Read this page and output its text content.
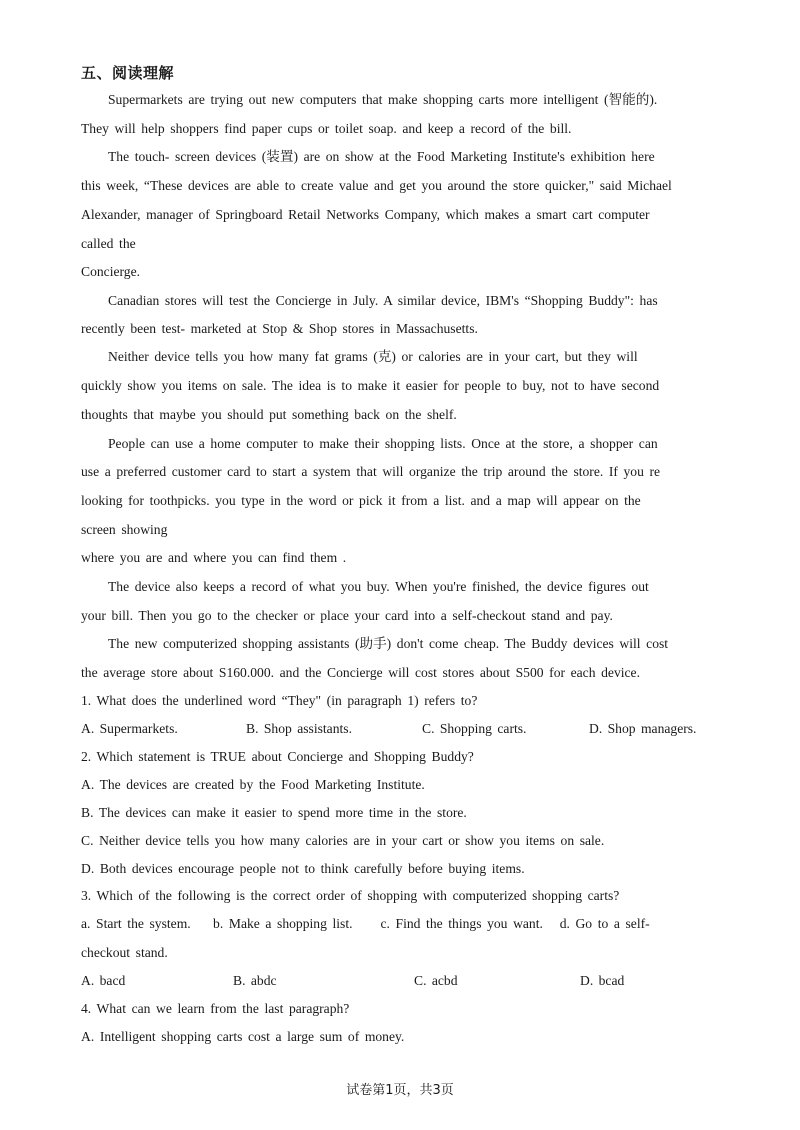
五、阅读理解
Supermarkets are trying out new computers that make shopping carts more intelligent (智能的).
They will help shoppers find paper cups or toilet soap. and keep a record of the bill.
The touch- screen devices (装置) are on show at the Food Marketing Institute's exhibition here
this week, “These devices are able to create value and get you around the store quicker," said Michael
Alexander, manager of Springboard Retail Networks Company, which makes a smart cart computer
called the
Concierge.
Canadian stores will test the Concierge in July. A similar device, IBM's “Shopping Buddy": has
recently been test- marketed at Stop & Shop stores in Massachusetts.
Neither device tells you how many fat grams (克) or calories are in your cart, but they will
quickly show you items on sale. The idea is to make it easier for people to buy, not to have second
thoughts that maybe you should put something back on the shelf.
People can use a home computer to make their shopping lists. Once at the store, a shopper can
use a preferred customer card to start a system that will organize the trip around the store. If you re
looking for toothpicks. you type in the word or pick it from a list. and a map will appear on the
screen showing
where you are and where you can find them .
The device also keeps a record of what you buy. When you're finished, the device figures out
your bill. Then you go to the checker or place your card into a self-checkout stand and pay.
The new computerized shopping assistants (助手) don't come cheap. The Buddy devices will cost
the average store about S160.000. and the Concierge will cost stores about S500 for each device.
1. What does the underlined word “They" (in paragraph 1) refers to?
A. Supermarkets.	B. Shop assistants.	C. Shopping carts.	D. Shop managers.
2. Which statement is TRUE about Concierge and Shopping Buddy?
A. The devices are created by the Food Marketing Institute.
B. The devices can make it easier to spend more time in the store.
C. Neither device tells you how many calories are in your cart or show you items on sale.
D. Both devices encourage people not to think carefully before buying items.
3. Which of the following is the correct order of shopping with computerized shopping carts?
a. Start the system.    b. Make a shopping list.     c. Find the things you want.   d. Go to a self-
checkout stand.
A. bacd	B. abdc	C. acbd	D. bcad
4. What can we learn from the last paragraph?
A. Intelligent shopping carts cost a large sum of money.
试卷第1页，共3页
